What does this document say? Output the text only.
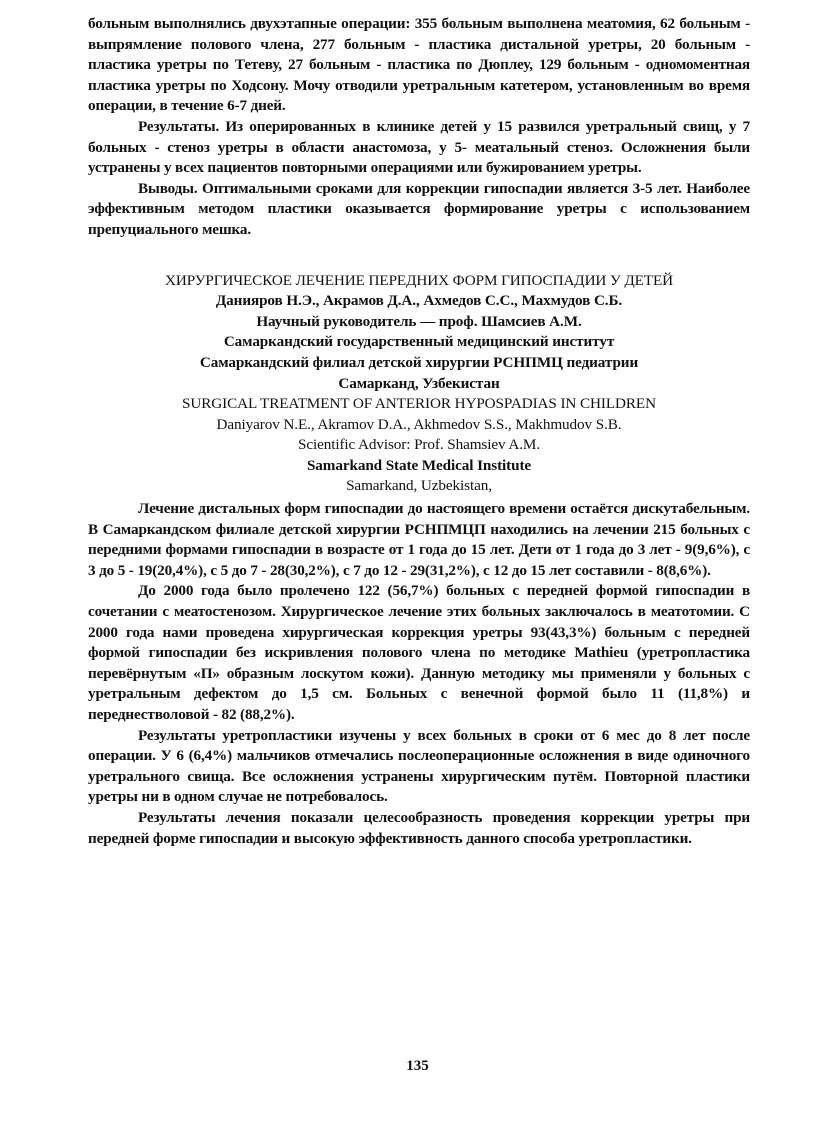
больным выполнялись двухэтапные операции: 355 больным выполнена меатомия, 62 больным - выпрямление полового члена, 277 больным - пластика дистальной уретры, 20 больным - пластика уретры по Тетеву, 27 больным - пластика по Дюплеу, 129 больным - одномоментная пластика уретры по Ходсону. Мочу отводили уретральным катетером, установленным во время операции, в течение 6-7 дней.

Результаты. Из оперированных в клинике детей у 15 развился уретральный свищ, у 7 больных - стеноз уретры в области анастомоза, у 5- меатальный стеноз. Осложнения были устранены у всех пациентов повторными операциями или бужированием уретры.

Выводы. Оптимальными сроками для коррекции гипоспадии является 3-5 лет. Наиболее эффективным методом пластики оказывается формирование уретры с использованием препуциального мешка.

ХИРУРГИЧЕСКОЕ ЛЕЧЕНИЕ ПЕРЕДНИХ ФОРМ ГИПОСПАДИИ У ДЕТЕЙ
Данияров Н.Э., Акрамов Д.А., Ахмедов С.С., Махмудов С.Б.
Научный руководитель — проф. Шамсиев А.М.
Самаркандский государственный медицинский институт
Самаркандский филиал детской хирургии РСНПМЦ педиатрии
Самарканд, Узбекистан
SURGICAL TREATMENT OF ANTERIOR HYPOSPADIAS IN CHILDREN
Daniyarov N.E., Akramov D.A., Akhmedov S.S., Makhmudov S.B.
Scientific Advisor: Prof. Shamsiev A.M.
Samarkand State Medical Institute
Samarkand, Uzbekistan,

Лечение дистальных форм гипоспадии до настоящего времени остаётся дискутабельным. В Самаркандском филиале детской хирургии РСНПМЦП находились на лечении 215 больных с передними формами гипоспадии в возрасте от 1 года до 15 лет. Дети от 1 года до 3 лет - 9(9,6%), с 3 до 5 - 19(20,4%), с 5 до 7 - 28(30,2%), с 7 до 12 - 29(31,2%), с 12 до 15 лет составили - 8(8,6%).

До 2000 года было пролечено 122 (56,7%) больных с передней формой гипоспадии в сочетании с меатостенозом. Хирургическое лечение этих больных заключалось в меатотомии. С 2000 года нами проведена хирургическая коррекция уретры 93(43,3%) больным с передней формой гипоспадии без искривления полового члена по методике Mathieu (уретропластика перевёрнутым «П» образным лоскутом кожи). Данную методику мы применяли у больных с уретральным дефектом до 1,5 см. Больных с венечной формой было 11 (11,8%) и переднестволовой - 82 (88,2%).

Результаты уретропластики изучены у всех больных в сроки от 6 мес до 8 лет после операции. У 6 (6,4%) мальчиков отмечались послеоперационные осложнения в виде одиночного уретрального свища. Все осложнения устранены хирургическим путём. Повторной пластики уретры ни в одном случае не потребовалось.

Результаты лечения показали целесообразность проведения коррекции уретры при передней форме гипоспадии и высокую эффективность данного способа уретропластики.

135
